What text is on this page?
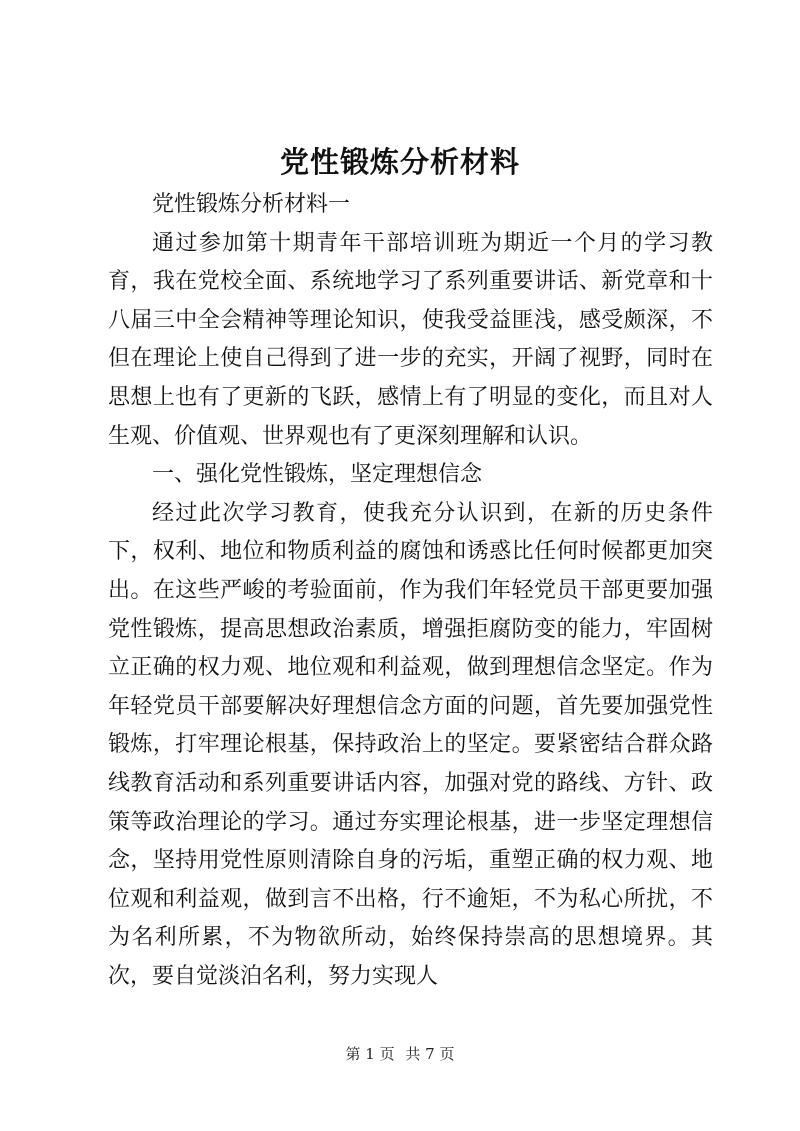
党性锻炼分析材料

党性锻炼分析材料一

通过参加第十期青年干部培训班为期近一个月的学习教育，我在党校全面、系统地学习了系列重要讲话、新党章和十八届三中全会精神等理论知识，使我受益匪浅，感受颇深，不但在理论上使自己得到了进一步的充实，开阔了视野，同时在思想上也有了更新的飞跃，感情上有了明显的变化，而且对人生观、价值观、世界观也有了更深刻理解和认识。

一、强化党性锻炼，坚定理想信念

经过此次学习教育，使我充分认识到，在新的历史条件下，权利、地位和物质利益的腐蚀和诱惑比任何时候都更加突出。在这些严峻的考验面前，作为我们年轻党员干部更要加强党性锻炼，提高思想政治素质，增强拒腐防变的能力，牢固树立正确的权力观、地位观和利益观，做到理想信念坚定。作为年轻党员干部要解决好理想信念方面的问题，首先要加强党性锻炼，打牢理论根基，保持政治上的坚定。要紧密结合群众路线教育活动和系列重要讲话内容，加强对党的路线、方针、政策等政治理论的学习。通过夯实理论根基，进一步坚定理想信念，坚持用党性原则清除自身的污垢，重塑正确的权力观、地位观和利益观，做到言不出格，行不逾矩，不为私心所扰，不为名利所累，不为物欲所动，始终保持崇高的思想境界。其次，要自觉淡泊名利，努力实现人

第 1 页 共 7 页
